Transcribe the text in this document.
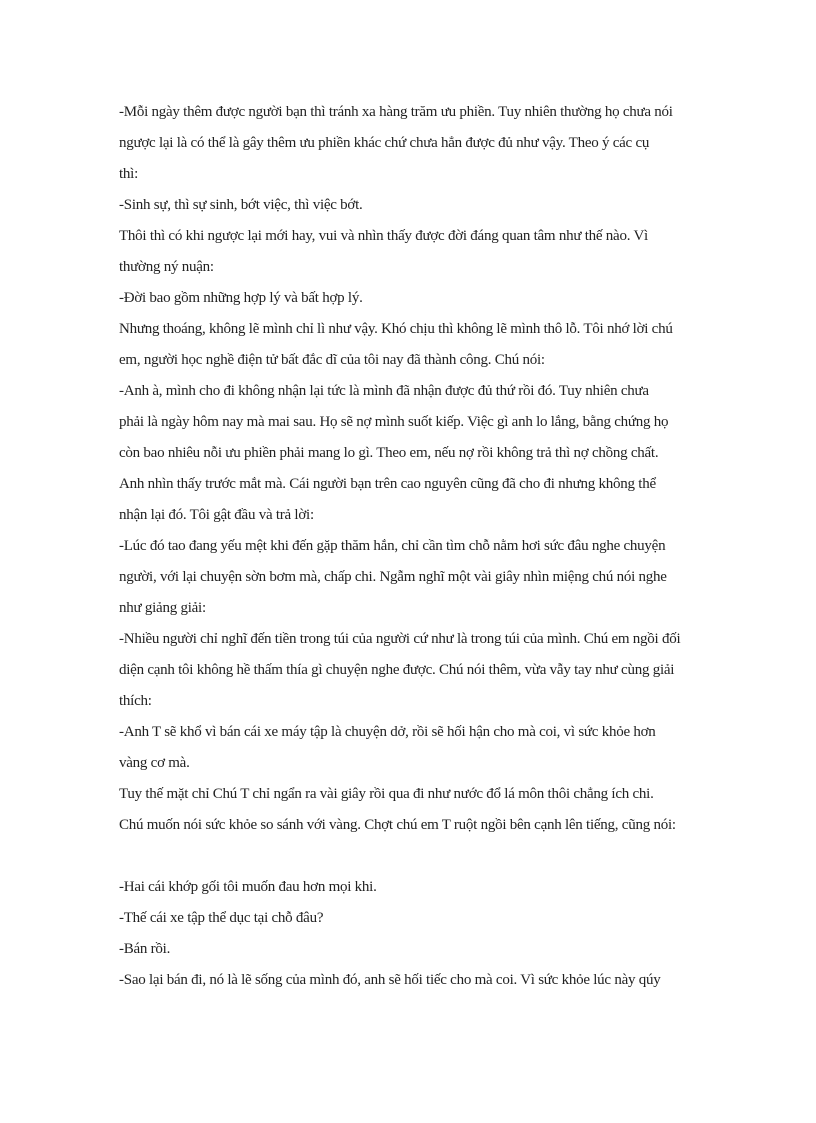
-Mỗi ngày thêm được người bạn thì tránh xa hàng trăm ưu phiền. Tuy nhiên thường họ chưa nói
ngược lại là có thể là gây thêm ưu phiền khác chứ chưa hẳn được đủ như vậy. Theo ý các cụ
thì:
-Sinh sự, thì sự sinh, bớt việc, thì việc bớt.
Thôi thì có khi ngược lại mới hay, vui và nhìn thấy được đời đáng quan tâm như thế nào. Vì
thường ný nuận:
-Đời bao gồm những hợp lý và bất hợp lý.
Nhưng thoáng, không lẽ mình chỉ lì như vậy. Khó chịu thì không lẽ mình thô lỗ. Tôi nhớ lời chú
em, người học nghề điện tử bất đắc dĩ của tôi nay đã thành công. Chú nói:
-Anh à, mình cho đi không nhận lại tức là mình đã nhận được đủ thứ rồi đó. Tuy nhiên chưa
phải là ngày hôm nay mà mai sau. Họ sẽ nợ mình suốt kiếp. Việc gì anh lo lắng, bằng chứng họ
còn bao nhiêu nỗi ưu phiền phải mang lo gì. Theo em, nếu nợ rồi không trả thì nợ chồng chất.
Anh nhìn thấy trước mắt mà. Cái người bạn trên cao nguyên cũng đã cho đi nhưng không thể
nhận lại đó. Tôi gật đầu và trả lời:
-Lúc đó tao đang yếu mệt khi đến gặp thăm hắn, chỉ cần tìm chỗ nằm hơi sức đâu nghe chuyện
người, với lại chuyện sờn bơm mà, chấp chi. Ngẫm nghĩ một vài giây nhìn miệng chú nói nghe
như giảng giải:
-Nhiều người chỉ nghĩ đến tiền trong túi của người cứ như là trong túi của mình. Chú em ngồi đối
diện cạnh tôi không hề thấm thía gì chuyện nghe được. Chú nói thêm, vừa vẫy tay như cùng giải
thích:
-Anh T sẽ khổ vì bán cái xe máy tập là chuyện dở, rồi sẽ hối hận cho mà coi, vì sức khỏe hơn
vàng cơ mà.
Tuy thế mặt chỉ Chú T chỉ ngẩn ra vài giây rồi qua đi như nước đổ lá môn thôi chẳng ích chi.
Chú muốn nói sức khỏe so sánh với vàng. Chợt chú em T ruột ngồi bên cạnh lên tiếng, cũng nói:
-Hai cái khớp gối tôi muốn đau hơn mọi khi.
-Thế cái xe tập thể dục tại chỗ đâu?
-Bán rồi.
-Sao lại bán đi, nó là lẽ sống của mình đó, anh sẽ hối tiếc cho mà coi. Vì sức khỏe lúc này qúy
